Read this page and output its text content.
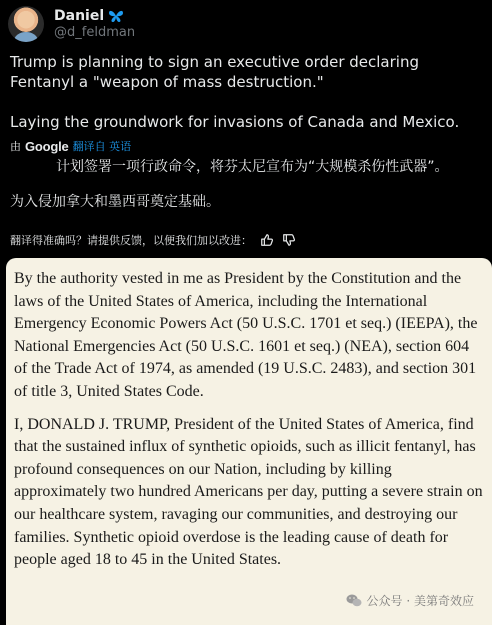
Daniel
@d_feldman

Trump is planning to sign an executive order declaring Fentanyl a "weapon of mass destruction."

Laying the groundwork for invasions of Canada and Mexico.

由 Google 翻译自 英语
计划签署一项行政命令，将芬太尼宣布为“大规模杀伤性武器”。
为入侵加拿大和墨西哥奠定基础。
翻译得准确吗？请提供反馈，以便我们加以改进：

By the authority vested in me as President by the Constitution and the laws of the United States of America, including the International Emergency Economic Powers Act (50 U.S.C. 1701 et seq.) (IEEPA), the National Emergencies Act (50 U.S.C. 1601 et seq.) (NEA), section 604 of the Trade Act of 1974, as amended (19 U.S.C. 2483), and section 301 of title 3, United States Code.

I, DONALD J. TRUMP, President of the United States of America, find that the sustained influx of synthetic opioids, such as illicit fentanyl, has profound consequences on our Nation, including by killing approximately two hundred Americans per day, putting a severe strain on our healthcare system, ravaging our communities, and destroying our families. Synthetic opioid overdose is the leading cause of death for people aged 18 to 45 in the United States.

公众号 · 美第奇效应
